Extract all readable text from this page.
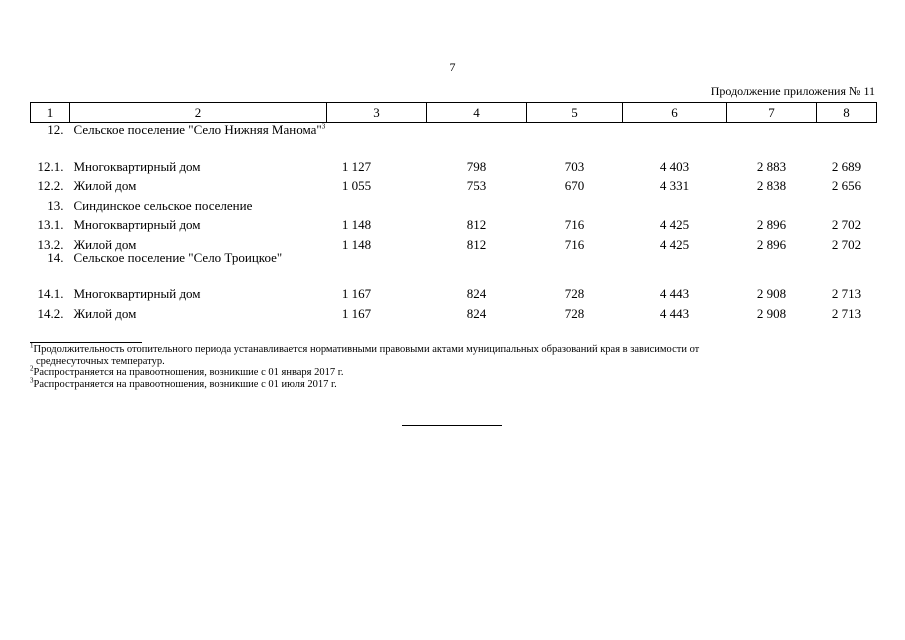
7
Продолжение приложения № 11
1	2	3	4	5	6	7	8
12.	Сельское поселение "Село Нижняя Манома"$^3$						
12.1.	Многоквартирный дом	1 127	798	703	4 403	2 883	2 689
12.2.	Жилой дом	1 055	753	670	4 331	2 838	2 656
13.	Синдинское сельское поселение						
13.1.	Многоквартирный дом	1 148	812	716	4 425	2 896	2 702
13.2.	Жилой дом	1 148	812	716	4 425	2 896	2 702
14.	Сельское поселение "Село Троицкое"						
14.1.	Многоквартирный дом	1 167	824	728	4 443	2 908	2 713
14.2.	Жилой дом	1 167	824	728	4 443	2 908	2 713
$^1$Продолжительность отопительного периода устанавливается нормативными правовыми актами муниципальных образований края в зависимости от
среднесуточных температур.
$^2$Распространяется на правоотношения, возникшие с 01 января 2017 г.
$^3$Распространяется на правоотношения, возникшие с 01 июля 2017 г.
